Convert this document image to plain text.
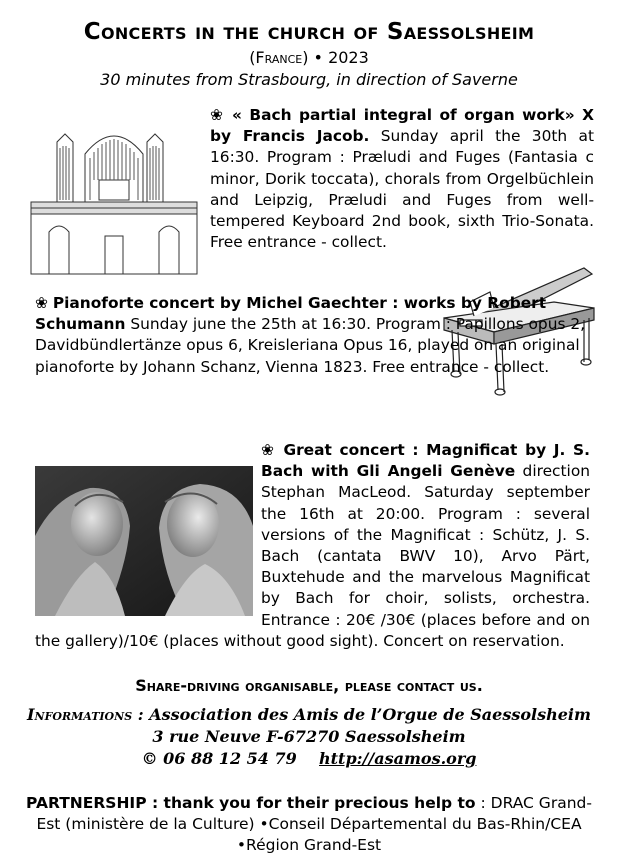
Concerts in the church of Saessolsheim
(France) • 2023
30 minutes from Strasbourg, in direction of Saverne

❀ « Bach partial integral of organ work» X by Francis Jacob. Sunday april the 30th at 16:30. Program : Præludi and Fuges (Fantasia c minor, Dorik toccata), chorals from Orgelbüchlein and Leipzig, Præludi and Fuges from well-tempered Keyboard 2nd book, sixth Trio-Sonata. Free entrance - collect.

❀ Pianoforte concert by Michel Gaechter : works by Robert Schumann Sunday june the 25th at 16:30. Program : Papillons opus 2, Davidbündlertänze opus 6, Kreisleriana Opus 16, played on an original pianoforte by Johann Schanz, Vienna 1823. Free entrance - collect.

❀ Great concert : Magnificat by J. S. Bach with Gli Angeli Genève direction Stephan MacLeod. Saturday september the 16th at 20:00. Program : several versions of the Magnificat : Schütz, J. S. Bach (cantata BWV 10), Arvo Pärt, Buxtehude and the marvelous Magnificat by Bach for choir, solists, orchestra. Entrance : 20€ /30€ (places before and on the gallery)/10€ (places without good sight). Concert on reservation.

Share-driving organisable, please contact us.
Informations : Association des Amis de l’Orgue de Saessolsheim
3 rue Neuve F-67270 Saessolsheim
© 06 88 12 54 79 http://asamos.org
PARTNERSHIP : thank you for their precious help to : DRAC Grand-Est (ministère de la Culture) •Conseil Départemental du Bas-Rhin/CEA •Région Grand-Est
